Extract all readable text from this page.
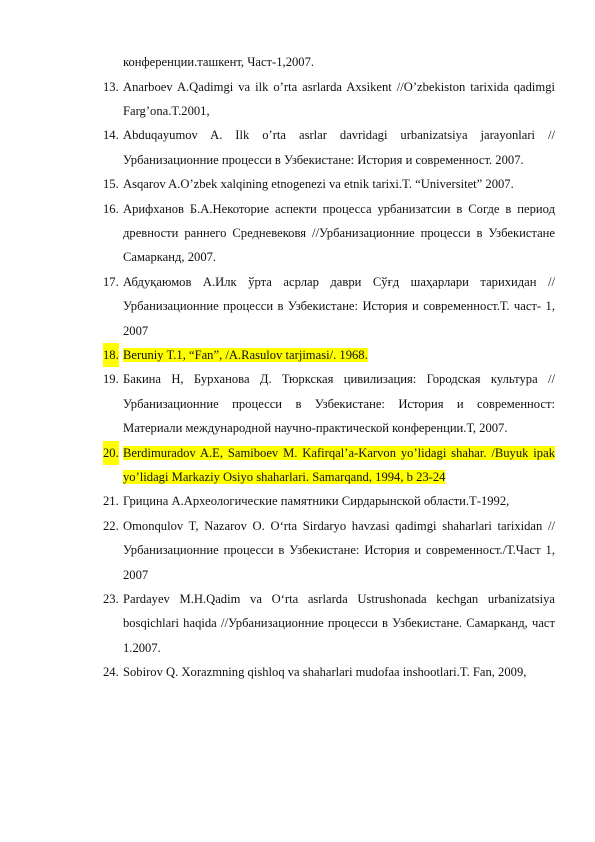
конференции.ташкент, Част-1,2007.
13. Anarboev A.Qadimgi va ilk o’rta asrlarda Axsikent //O’zbekiston tarixida qadimgi Farg’ona.T.2001,
14. Abduqayumov A. Ilk o’rta asrlar davridagi urbanizatsiya jarayonlari //Урбанизационние процесси в Узбекистане: История и современност. 2007.
15. Asqarov A.O’zbek xalqining etnogenezi va etnik tarixi.T. “Universitet” 2007.
16. Арифханов Б.А.Некоторие аспекти процесса урбанизатсии в Согде в период древности раннего Средневековя //Урбанизационние процесси в Узбекистане Самарканд, 2007.
17. Абдуқаюмов А.Илк ўрта асрлар даври Сўғд шаҳарлари тарихидан //Урбанизационние процесси в Узбекистане: История и современност.Т. част- 1, 2007
18. Beruniy T.1, “Fan”, /A.Rasulov tarjimasi/. 1968.
19. Бакина Н, Бурханова Д. Тюркская цивилизация: Городская культура //Урбанизационние процесси в Узбекистане: История и современност: Материали международной научно-практической конференции.Т, 2007.
20. Berdimuradov A.E, Samiboev M. Kafirqal’a-Karvon yo’lidagi shahar. /Buyuk ipak yo’lidagi Markaziy Osiyo shaharlari. Samarqand, 1994, b 23-24
21. Грицина А.Археологические памятники Сирдарынской области.Т-1992,
22. Omonqulov T, Nazarov O. O‘rta Sirdaryo havzasi qadimgi shaharlari tarixidan //Урбанизационние процесси в Узбекистане: История и современност./Т.Част 1, 2007
23. Pardayev M.H.Qadim va O‘rta asrlarda Ustrushonada kechgan urbanizatsiya bosqichlari haqida //Урбанизационние процесси в Узбекистане. Самарканд, част 1.2007.
24. Sobirov Q. Xorazmning qishloq va shaharlari mudofaa inshootlari.T. Fan, 2009,
